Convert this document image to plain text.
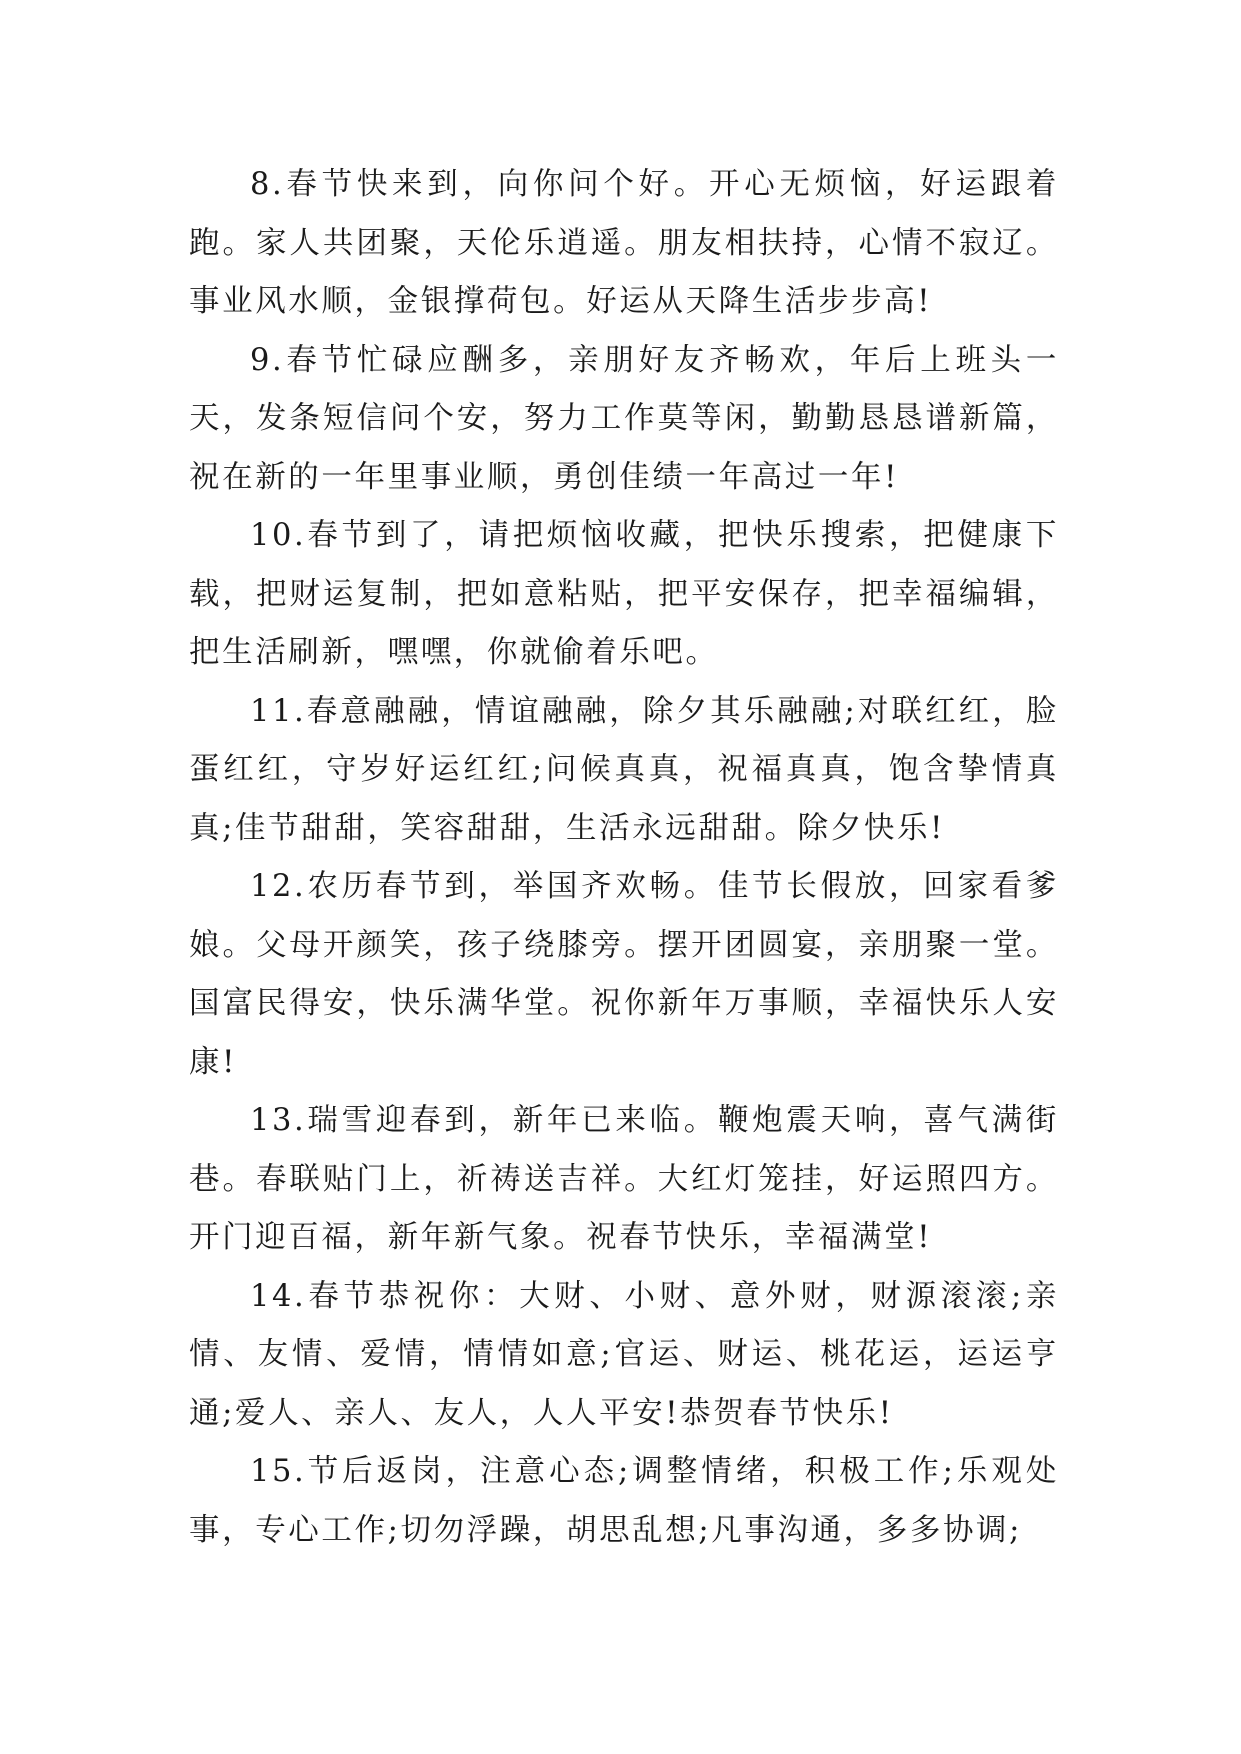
8.春节快来到，向你问个好。开心无烦恼，好运跟着跑。家人共团聚，天伦乐逍遥。朋友相扶持，心情不寂辽。事业风水顺，金银撑荷包。好运从天降生活步步高!

9.春节忙碌应酬多，亲朋好友齐畅欢，年后上班头一天，发条短信问个安，努力工作莫等闲，勤勤恳恳谱新篇，祝在新的一年里事业顺，勇创佳绩一年高过一年!

10.春节到了，请把烦恼收藏，把快乐搜索，把健康下载，把财运复制，把如意粘贴，把平安保存，把幸福编辑，把生活刷新，嘿嘿，你就偷着乐吧。

11.春意融融，情谊融融，除夕其乐融融;对联红红，脸蛋红红，守岁好运红红;问候真真，祝福真真，饱含挚情真真;佳节甜甜，笑容甜甜，生活永远甜甜。除夕快乐!

12.农历春节到，举国齐欢畅。佳节长假放，回家看爹娘。父母开颜笑，孩子绕膝旁。摆开团圆宴，亲朋聚一堂。国富民得安，快乐满华堂。祝你新年万事顺，幸福快乐人安康!

13.瑞雪迎春到，新年已来临。鞭炮震天响，喜气满街巷。春联贴门上，祈祷送吉祥。大红灯笼挂，好运照四方。开门迎百福，新年新气象。祝春节快乐，幸福满堂!

14.春节恭祝你：大财、小财、意外财，财源滚滚;亲情、友情、爱情，情情如意;官运、财运、桃花运，运运亨通;爱人、亲人、友人，人人平安!恭贺春节快乐!

15.节后返岗，注意心态;调整情绪，积极工作;乐观处事，专心工作;切勿浮躁，胡思乱想;凡事沟通，多多协调;
